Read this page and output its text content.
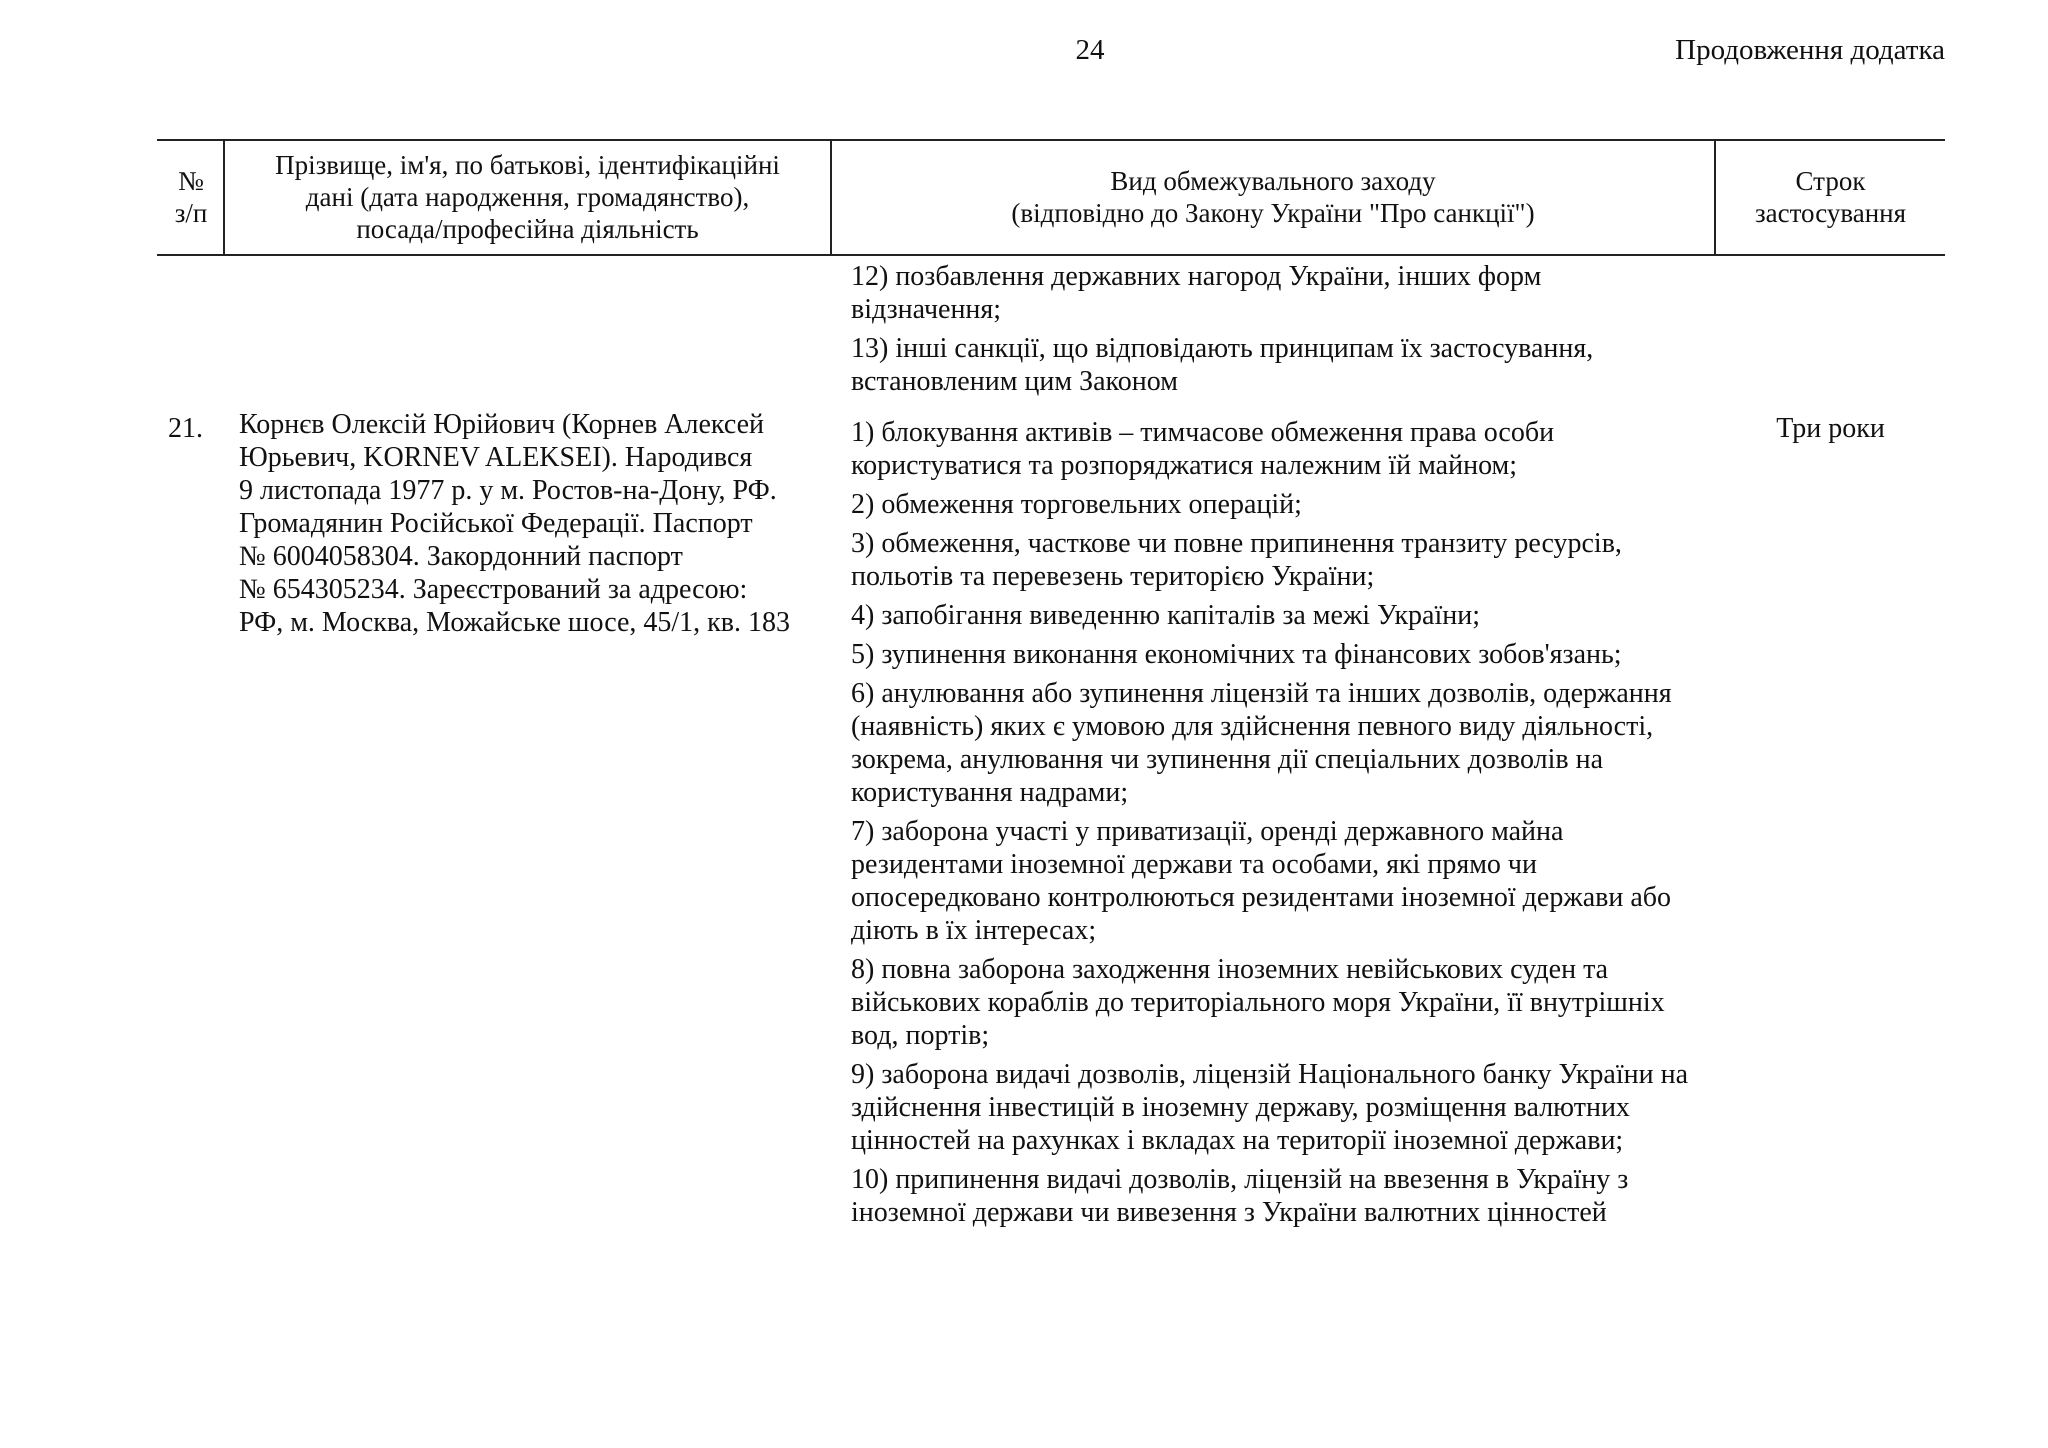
24	Продовження додатка
№
з/п
Прізвище, ім'я, по батькові, ідентифікаційні
дані (дата народження, громадянство),
посада/професійна діяльність
Вид обмежувального заходу
(відповідно до Закону України "Про санкції")
Строк
застосування

12) позбавлення державних нагород України, інших форм відзначення;

13) інші санкції, що відповідають принципам їх застосування, встановленим цим Законом

21. Корнєв Олексій Юрійович (Корнев Алексей
Юрьевич, KORNEV ALEKSEI). Народився
9 листопада 1977 р. у м. Ростов-на-Дону, РФ.
Громадянин Російської Федерації. Паспорт
№ 6004058304. Закордонний паспорт
№ 654305234. Зареєстрований за адресою:
РФ, м. Москва, Можайське шосе, 45/1, кв. 183

1) блокування активів – тимчасове обмеження права особи користуватися та розпоряджатися належним їй майном;

2) обмеження торговельних операцій;

3) обмеження, часткове чи повне припинення транзиту ресурсів, польотів та перевезень територією України;

4) запобігання виведенню капіталів за межі України;

5) зупинення виконання економічних та фінансових зобов'язань;

6) анулювання або зупинення ліцензій та інших дозволів, одержання (наявність) яких є умовою для здійснення певного виду діяльності, зокрема, анулювання чи зупинення дії спеціальних дозволів на користування надрами;

7) заборона участі у приватизації, оренді державного майна резидентами іноземної держави та особами, які прямо чи опосередковано контролюються резидентами іноземної держави або діють в їх інтересах;

8) повна заборона заходження іноземних невійськових суден та військових кораблів до територіального моря України, її внутрішніх вод, портів;

9) заборона видачі дозволів, ліцензій Національного банку України на здійснення інвестицій в іноземну державу, розміщення валютних цінностей на рахунках і вкладах на території іноземної держави;

10) припинення видачі дозволів, ліцензій на ввезення в Україну з іноземної держави чи вивезення з України валютних цінностей

Три роки
